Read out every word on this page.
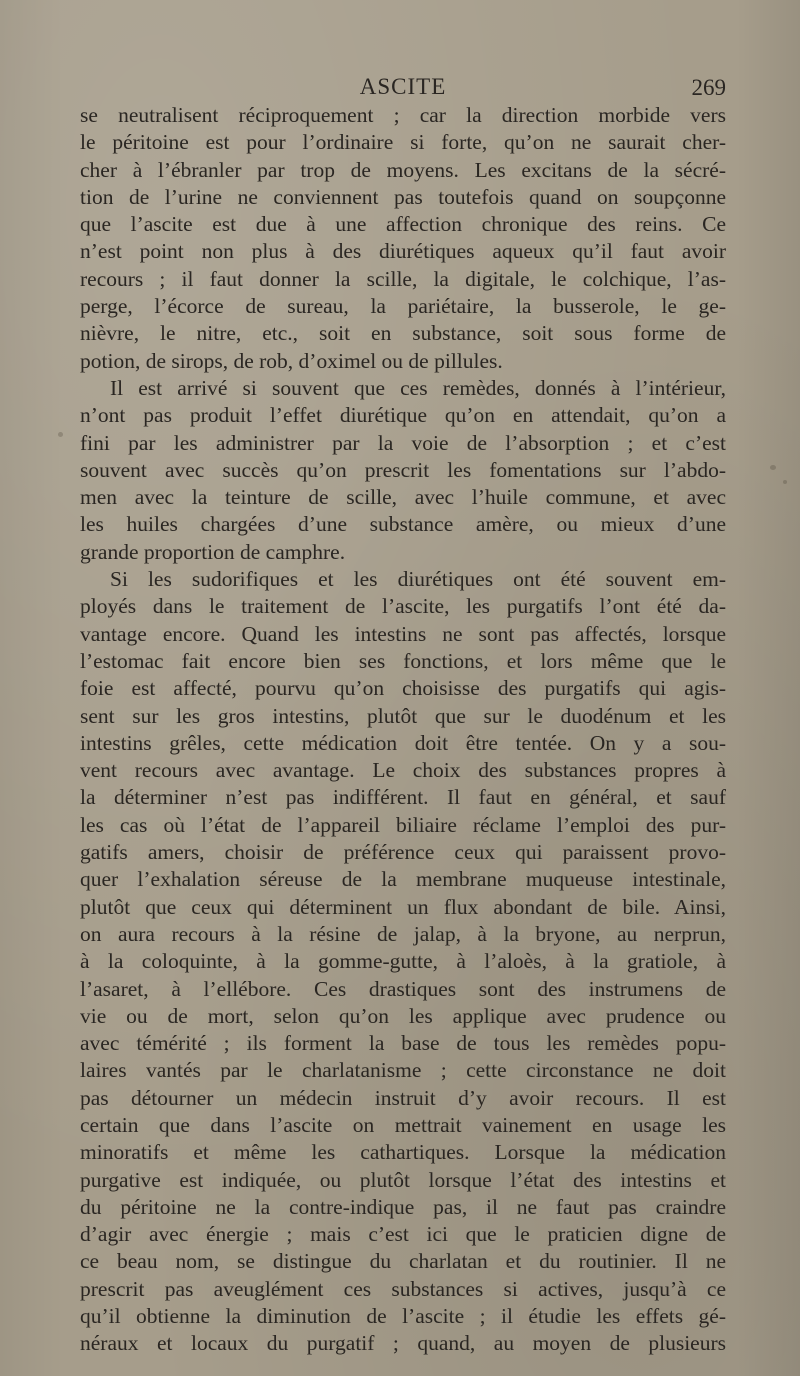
ASCITE	269
se neutralisent réciproquement ; car la direction morbide vers
le péritoine est pour l’ordinaire si forte, qu’on ne saurait cher-
cher à l’ébranler par trop de moyens. Les excitans de la sécré-
tion de l’urine ne conviennent pas toutefois quand on soupçonne
que l’ascite est due à une affection chronique des reins. Ce
n’est point non plus à des diurétiques aqueux qu’il faut avoir
recours ; il faut donner la scille, la digitale, le colchique, l’as-
perge, l’écorce de sureau, la pariétaire, la busserole, le ge-
nièvre, le nitre, etc., soit en substance, soit sous forme de
potion, de sirops, de rob, d’oximel ou de pillules.
Il est arrivé si souvent que ces remèdes, donnés à l’intérieur,
n’ont pas produit l’effet diurétique qu’on en attendait, qu’on a
fini par les administrer par la voie de l’absorption ; et c’est
souvent avec succès qu’on prescrit les fomentations sur l’abdo-
men avec la teinture de scille, avec l’huile commune, et avec
les huiles chargées d’une substance amère, ou mieux d’une
grande proportion de camphre.
Si les sudorifiques et les diurétiques ont été souvent em-
ployés dans le traitement de l’ascite, les purgatifs l’ont été da-
vantage encore. Quand les intestins ne sont pas affectés, lorsque
l’estomac fait encore bien ses fonctions, et lors même que le
foie est affecté, pourvu qu’on choisisse des purgatifs qui agis-
sent sur les gros intestins, plutôt que sur le duodénum et les
intestins grêles, cette médication doit être tentée. On y a sou-
vent recours avec avantage. Le choix des substances propres à
la déterminer n’est pas indifférent. Il faut en général, et sauf
les cas où l’état de l’appareil biliaire réclame l’emploi des pur-
gatifs amers, choisir de préférence ceux qui paraissent provo-
quer l’exhalation séreuse de la membrane muqueuse intestinale,
plutôt que ceux qui déterminent un flux abondant de bile. Ainsi,
on aura recours à la résine de jalap, à la bryone, au nerprun,
à la coloquinte, à la gomme-gutte, à l’aloès, à la gratiole, à
l’asaret, à l’ellébore. Ces drastiques sont des instrumens de
vie ou de mort, selon qu’on les applique avec prudence ou
avec témérité ; ils forment la base de tous les remèdes popu-
laires vantés par le charlatanisme ; cette circonstance ne doit
pas détourner un médecin instruit d’y avoir recours. Il est
certain que dans l’ascite on mettrait vainement en usage les
minoratifs et même les cathartiques. Lorsque la médication
purgative est indiquée, ou plutôt lorsque l’état des intestins et
du péritoine ne la contre-indique pas, il ne faut pas craindre
d’agir avec énergie ; mais c’est ici que le praticien digne de
ce beau nom, se distingue du charlatan et du routinier. Il ne
prescrit pas aveuglément ces substances si actives, jusqu’à ce
qu’il obtienne la diminution de l’ascite ; il étudie les effets gé-
néraux et locaux du purgatif ; quand, au moyen de plusieurs
